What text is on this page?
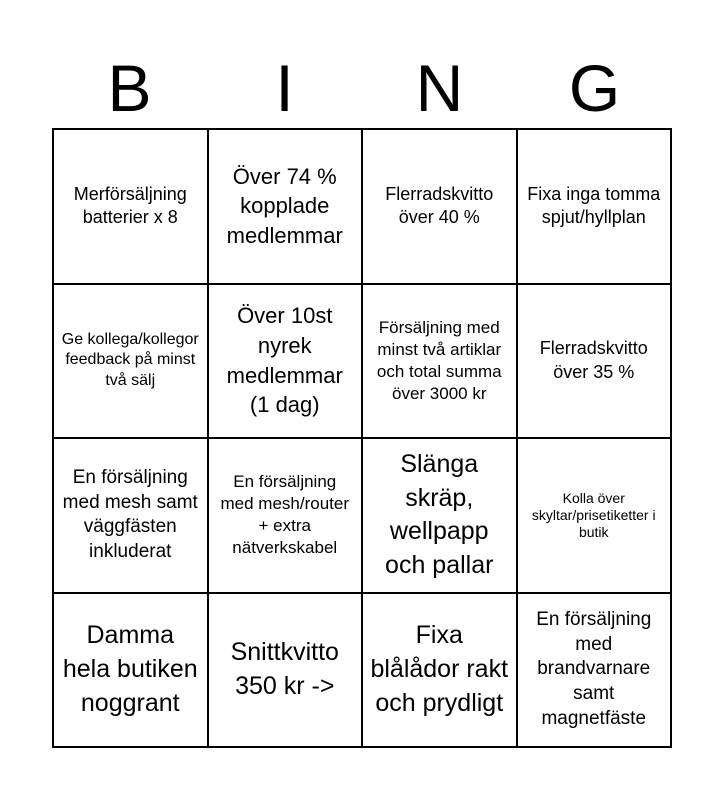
B	I	N	G
Merförsäljning batterier x 8
Över 74 % kopplade medlemmar
Flerradskvitto över 40 %
Fixa inga tomma spjut/hyllplan
Ge kollega/kollegor feedback på minst två sälj
Över 10st nyrek medlemmar (1 dag)
Försäljning med minst två artiklar och total summa över 3000 kr
Flerradskvitto över 35 %
En försäljning med mesh samt väggfästen inkluderat
En försäljning med mesh/router + extra nätverkskabel
Slänga skräp, wellpapp och pallar
Kolla över skyltar/prisetiketter i butik
Damma hela butiken noggrant
Snittkvitto 350 kr ->
Fixa blålådor rakt och prydligt
En försäljning med brandvarnare samt magnetfäste
